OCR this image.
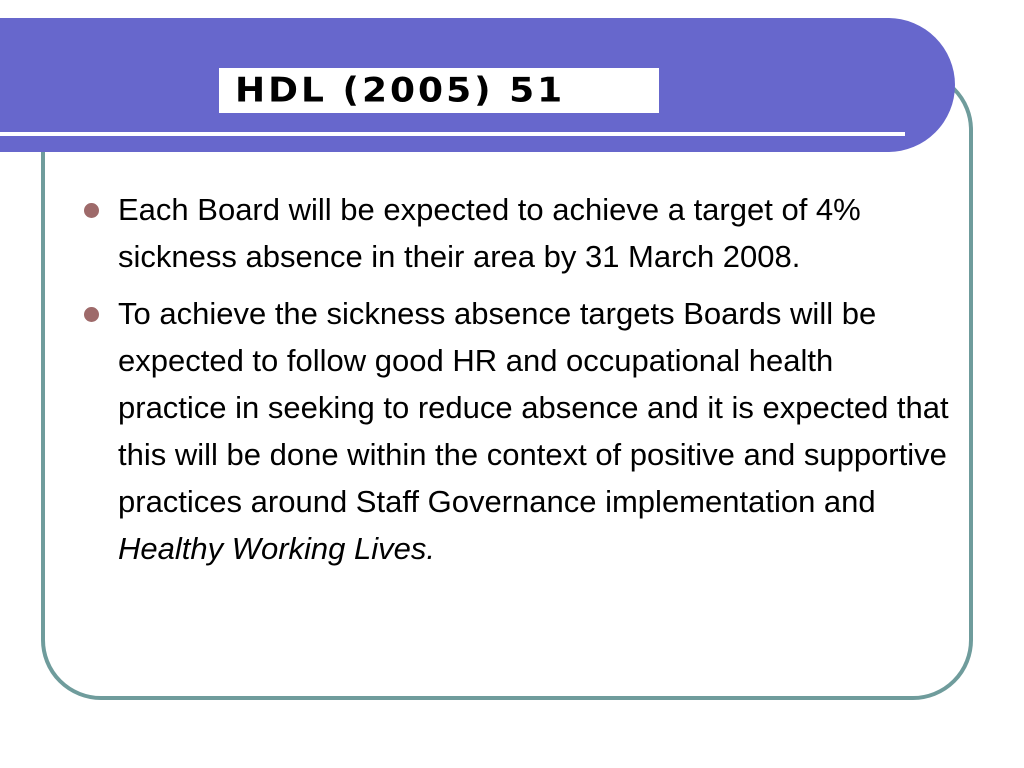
HDL (2005) 51
Each Board will be expected to achieve a target of 4% sickness absence in their area by 31 March 2008.
To achieve the sickness absence targets Boards will be expected to follow good HR and occupational health practice in seeking to reduce absence and it is expected that this will be done within the context of positive and supportive practices around Staff Governance implementation and Healthy Working Lives.
